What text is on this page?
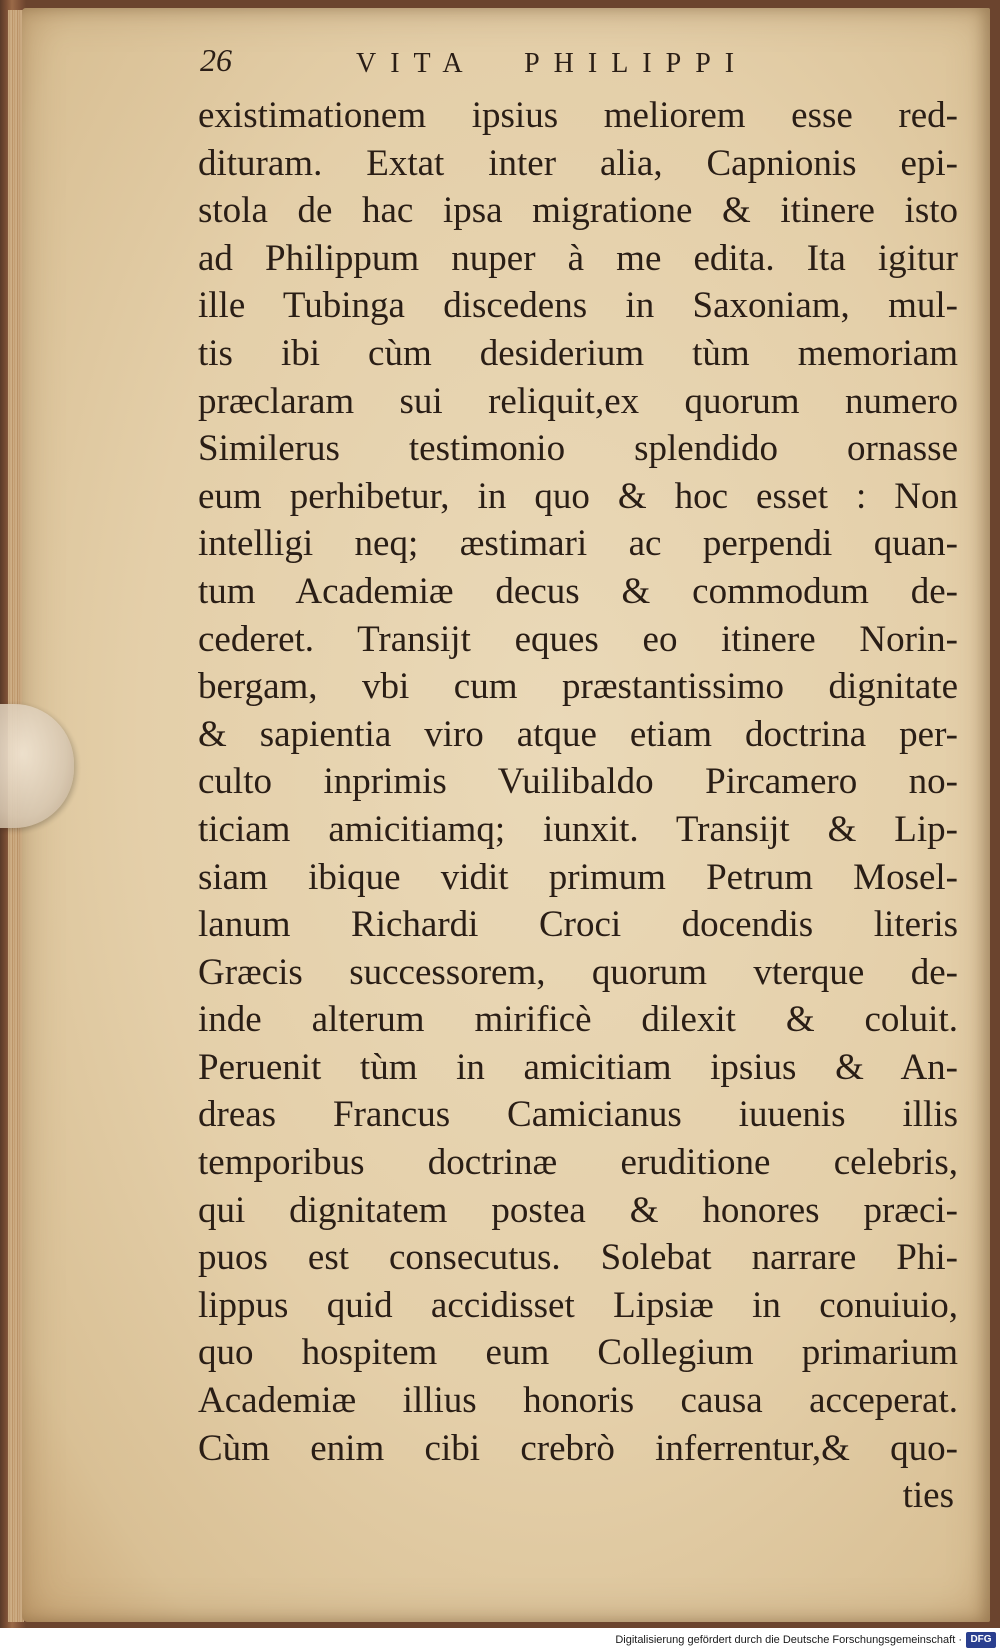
26	VITA PHILIPPI
existimationem ipsius meliorem esse red-
dituram. Extat inter alia, Capnionis epi-
stola de hac ipsa migratione & itinere isto
ad Philippum nuper à me edita. Ita igitur
ille Tubinga discedens in Saxoniam, mul-
tis ibi cùm desiderium tùm memoriam
præclaram sui reliquit,ex quorum numero
Similerus testimonio splendido ornasse
eum perhibetur, in quo & hoc esset : Non
intelligi neq; æstimari ac perpendi quan-
tum Academiæ decus & commodum de-
cederet. Transijt eques eo itinere Norin-
bergam, vbi cum præstantissimo dignitate
& sapientia viro atque etiam doctrina per-
culto inprimis Vuilibaldo Pircamero no-
ticiam amicitiamq; iunxit. Transijt & Lip-
siam ibique vidit primum Petrum Mosel-
lanum Richardi Croci docendis literis
Græcis successorem, quorum vterque de-
inde alterum mirificè dilexit & coluit.
Peruenit tùm in amicitiam ipsius & An-
dreas Francus Camicianus iuuenis illis
temporibus doctrinæ eruditione celebris,
qui dignitatem postea & honores præci-
puos est consecutus. Solebat narrare Phi-
lippus quid accidisset Lipsiæ in conuiuio,
quo hospitem eum Collegium primarium
Academiæ illius honoris causa acceperat.
Cùm enim cibi crebrò inferrentur,& quo-
ties
Digitalisierung gefördert durch die Deutsche Forschungsgemeinschaft · DFG
